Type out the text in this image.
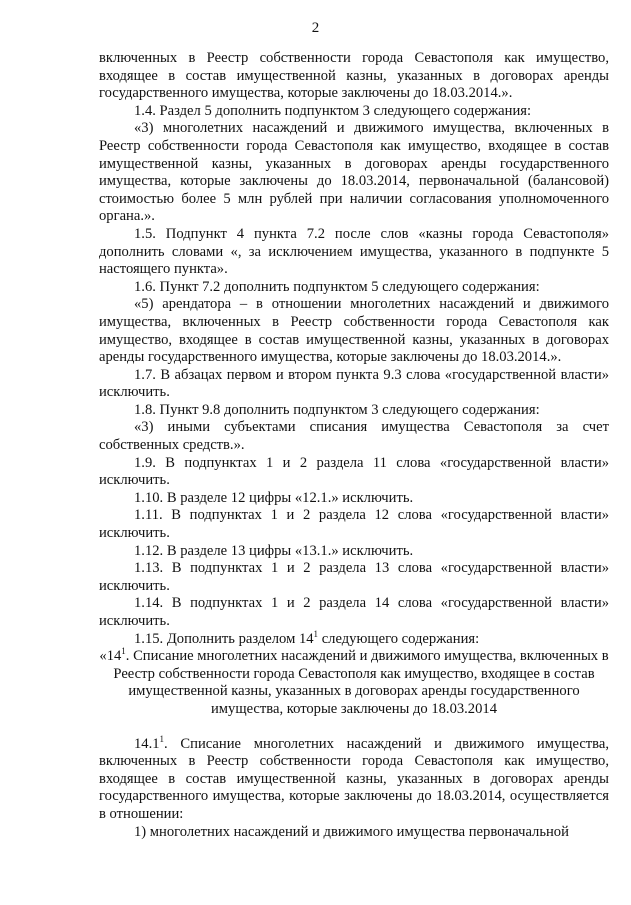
2

включенных в Реестр собственности города Севастополя как имущество, входящее в состав имущественной казны, указанных в договорах аренды государственного имущества, которые заключены до 18.03.2014.».

1.4. Раздел 5 дополнить подпунктом 3 следующего содержания:

«3) многолетних насаждений и движимого имущества, включенных в Реестр собственности города Севастополя как имущество, входящее в состав имущественной казны, указанных в договорах аренды государственного имущества, которые заключены до 18.03.2014, первоначальной (балансовой) стоимостью более 5 млн рублей при наличии согласования уполномоченного органа.».

1.5. Подпункт 4 пункта 7.2 после слов «казны города Севастополя» дополнить словами «, за исключением имущества, указанного в подпункте 5 настоящего пункта».

1.6. Пункт 7.2 дополнить подпунктом 5 следующего содержания:

«5) арендатора – в отношении многолетних насаждений и движимого имущества, включенных в Реестр собственности города Севастополя как имущество, входящее в состав имущественной казны, указанных в договорах аренды государственного имущества, которые заключены до 18.03.2014.».

1.7. В абзацах первом и втором пункта 9.3 слова «государственной власти» исключить.

1.8. Пункт 9.8 дополнить подпунктом 3 следующего содержания:

«3) иными субъектами списания имущества Севастополя за счет собственных средств.».

1.9. В подпунктах 1 и 2 раздела 11 слова «государственной власти» исключить.

1.10. В разделе 12 цифры «12.1.» исключить.

1.11. В подпунктах 1 и 2 раздела 12 слова «государственной власти» исключить.

1.12. В разделе 13 цифры «13.1.» исключить.

1.13. В подпунктах 1 и 2 раздела 13 слова «государственной власти» исключить.

1.14. В подпунктах 1 и 2 раздела 14 слова «государственной власти» исключить.

1.15. Дополнить разделом $14^1$ следующего содержания:

«$14^1$. Списание многолетних насаждений и движимого имущества, включенных в Реестр собственности города Севастополя как имущество, входящее в состав имущественной казны, указанных в договорах аренды государственного имущества, которые заключены до 18.03.2014

14.1$^1$. Списание многолетних насаждений и движимого имущества, включенных в Реестр собственности города Севастополя как имущество, входящее в состав имущественной казны, указанных в договорах аренды государственного имущества, которые заключены до 18.03.2014, осуществляется в отношении:

1) многолетних насаждений и движимого имущества первоначальной
